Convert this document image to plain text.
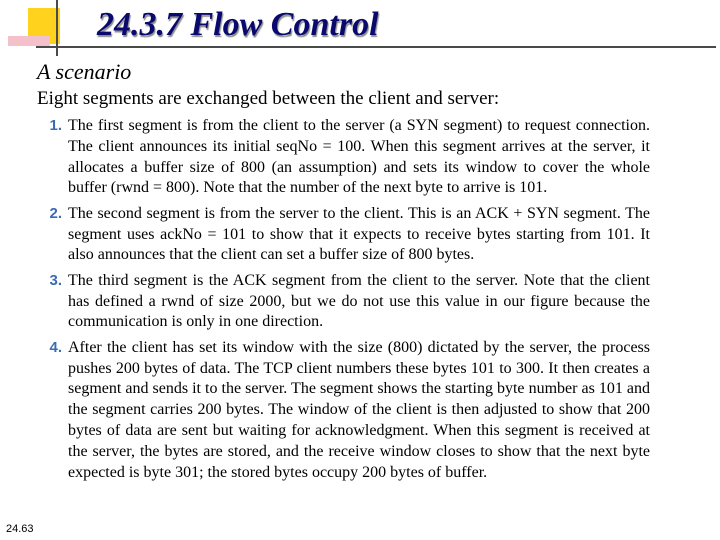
24.3.7 Flow Control

A scenario

Eight segments are exchanged between the client and server:

1. The first segment is from the client to the server (a SYN segment) to request connection. The client announces its initial seqNo = 100. When this segment arrives at the server, it allocates a buffer size of 800 (an assumption) and sets its window to cover the whole buffer (rwnd = 800). Note that the number of the next byte to arrive is 101.
2. The second segment is from the server to the client. This is an ACK + SYN segment. The segment uses ackNo = 101 to show that it expects to receive bytes starting from 101. It also announces that the client can set a buffer size of 800 bytes.
3. The third segment is the ACK segment from the client to the server. Note that the client has defined a rwnd of size 2000, but we do not use this value in our figure because the communication is only in one direction.
4. After the client has set its window with the size (800) dictated by the server, the process pushes 200 bytes of data. The TCP client numbers these bytes 101 to 300. It then creates a segment and sends it to the server. The segment shows the starting byte number as 101 and the segment carries 200 bytes. The window of the client is then adjusted to show that 200 bytes of data are sent but waiting for acknowledgment. When this segment is received at the server, the bytes are stored, and the receive window closes to show that the next byte expected is byte 301; the stored bytes occupy 200 bytes of buffer.
24.63
